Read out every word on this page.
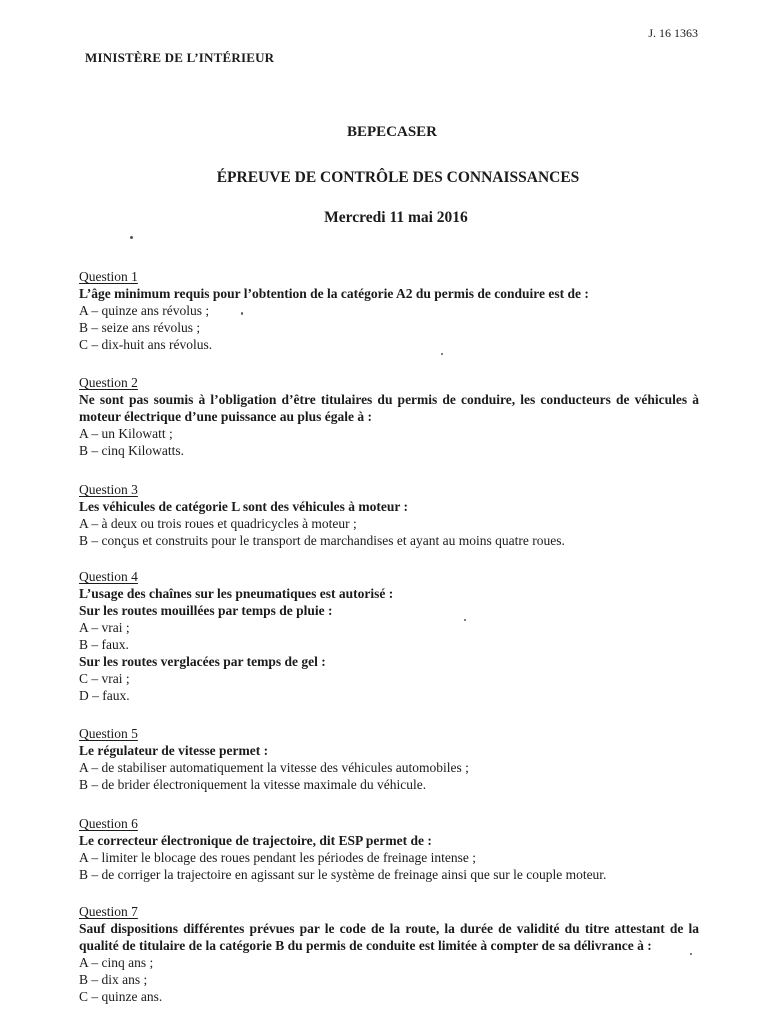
J. 16 1363
MINISTÈRE DE L’INTÉRIEUR
BEPECASER
ÉPREUVE DE CONTRÔLE DES CONNAISSANCES
Mercredi 11 mai 2016
Question 1
L’âge minimum requis pour l’obtention de la catégorie A2 du permis de conduire est de :
A – quinze ans révolus ;
B – seize ans révolus ;
C – dix-huit ans révolus.
Question 2
Ne sont pas soumis à l’obligation d’être titulaires du permis de conduire, les conducteurs de véhicules à moteur électrique d’une puissance au plus égale à :
A – un Kilowatt ;
B – cinq Kilowatts.
Question 3
Les véhicules de catégorie L sont des véhicules à moteur :
A – à deux ou trois roues et quadricycles à moteur ;
B – conçus et construits pour le transport de marchandises et ayant au moins quatre roues.
Question 4
L’usage des chaînes sur les pneumatiques est autorisé :
Sur les routes mouillées par temps de pluie :
A – vrai ;
B – faux.
Sur les routes verglacées par temps de gel :
C – vrai ;
D – faux.
Question 5
Le régulateur de vitesse permet :
A – de stabiliser automatiquement la vitesse des véhicules automobiles ;
B – de brider électroniquement la vitesse maximale du véhicule.
Question 6
Le correcteur électronique de trajectoire, dit ESP permet de :
A – limiter le blocage des roues pendant les périodes de freinage intense ;
B – de corriger la trajectoire en agissant sur le système de freinage ainsi que sur le couple moteur.
Question 7
Sauf dispositions différentes prévues par le code de la route, la durée de validité du titre attestant de la qualité de titulaire de la catégorie B du permis de conduite est limitée à compter de sa délivrance à :
A – cinq ans ;
B – dix ans ;
C – quinze ans.
